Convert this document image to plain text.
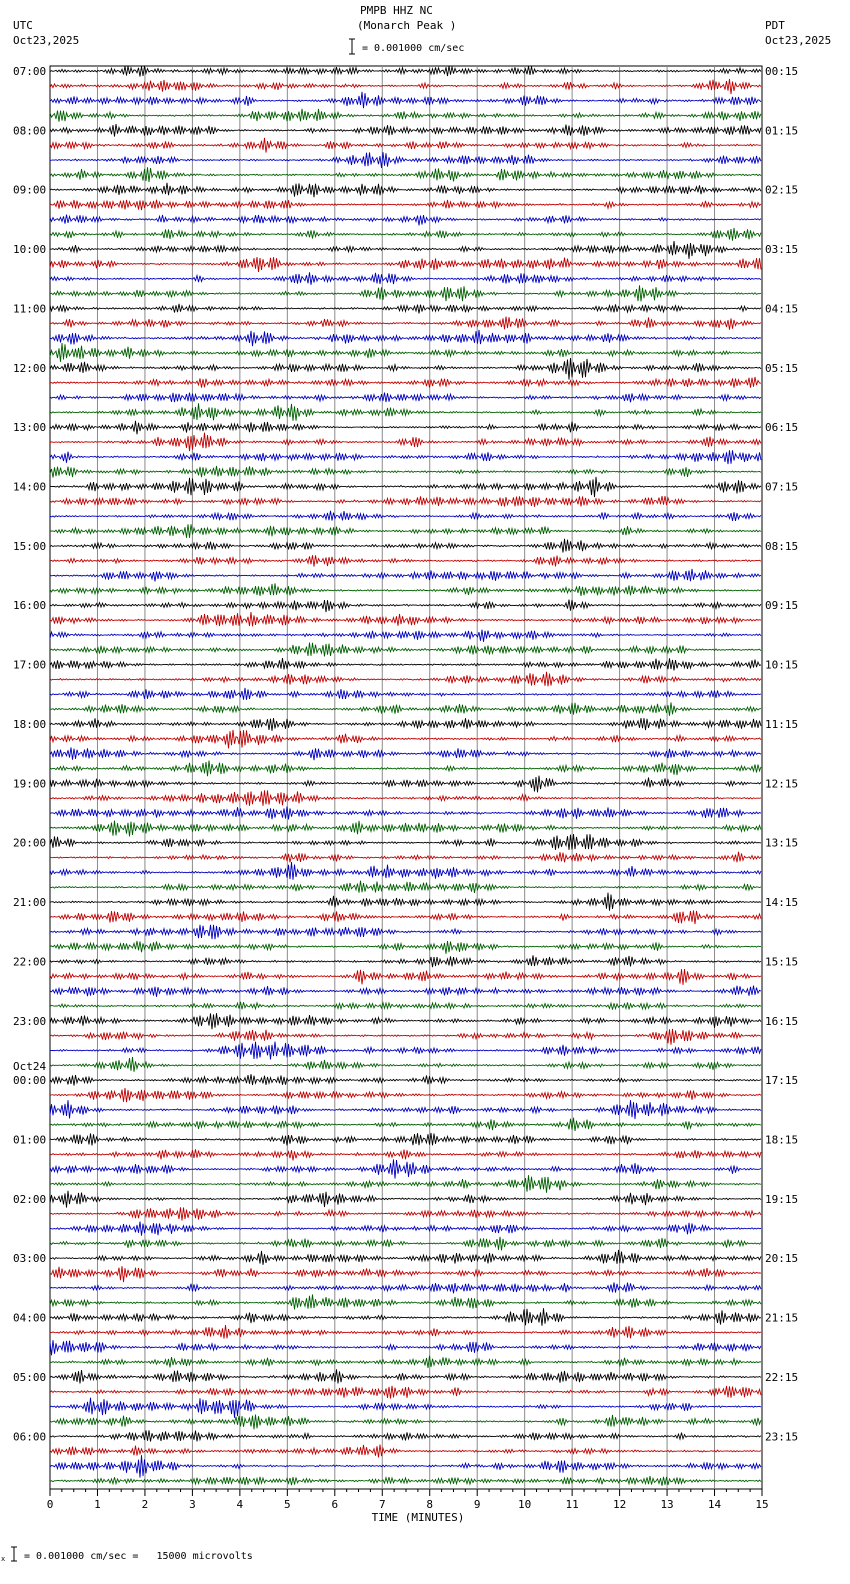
PMPB HHZ NC
(Monarch Peak )
= 0.001000 cm/sec
UTC
Oct23,2025
PDT
Oct23,2025
0	1	2	3	4	5	6	7	8	9	10	11	12	13	14	15
TIME (MINUTES)
07:00
08:00
09:00
10:00
11:00
12:00
13:00
14:00
15:00
16:00
17:00
18:00
19:00
20:00
21:00
22:00
23:00
00:00
Oct24
01:00
02:00
03:00
04:00
05:00
06:00
00:15
01:15
02:15
03:15
04:15
05:15
06:15
07:15
08:15
09:15
10:15
11:15
12:15
13:15
14:15
15:15
16:15
17:15
18:15
19:15
20:15
21:15
22:15
23:15
x = 0.001000 cm/sec =   15000 microvolts
